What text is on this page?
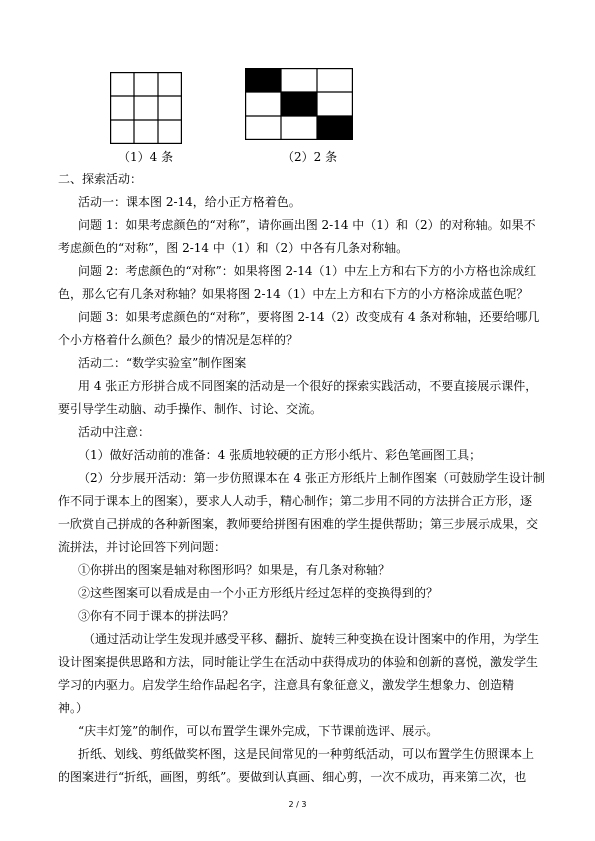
（1）4 条	（2）2 条
二、探索活动：
活动一：课本图 2-14，给小正方格着色。
问题 1：如果考虑颜色的“对称”，请你画出图 2-14 中（1）和（2）的对称轴。如果不
考虑颜色的“对称”，图 2-14 中（1）和（2）中各有几条对称轴。
问题 2：考虑颜色的“对称”：如果将图 2-14（1）中左上方和右下方的小方格也涂成红
色，那么它有几条对称轴？如果将图 2-14（1）中左上方和右下方的小方格涂成蓝色呢？
问题 3：如果考虑颜色的“对称”，要将图 2-14（2）改变成有 4 条对称轴，还要给哪几
个小方格着什么颜色？最少的情况是怎样的？
活动二：“数学实验室”制作图案
用 4 张正方形拼合成不同图案的活动是一个很好的探索实践活动，不要直接展示课件，
要引导学生动脑、动手操作、制作、讨论、交流。
活动中注意：
（1）做好活动前的准备：4 张质地较硬的正方形小纸片、彩色笔画图工具；
（2）分步展开活动：第一步仿照课本在 4 张正方形纸片上制作图案（可鼓励学生设计制
作不同于课本上的图案），要求人人动手，精心制作；第二步用不同的方法拼合正方形，逐
一欣赏自己拼成的各种新图案，教师要给拼图有困难的学生提供帮助；第三步展示成果，交
流拼法，并讨论回答下列问题：
①你拼出的图案是轴对称图形吗？如果是，有几条对称轴？
②这些图案可以看成是由一个小正方形纸片经过怎样的变换得到的？
③你有不同于课本的拼法吗？
（通过活动让学生发现并感受平移、翻折、旋转三种变换在设计图案中的作用，为学生
设计图案提供思路和方法，同时能让学生在活动中获得成功的体验和创新的喜悦，激发学生
学习的内驱力。启发学生给作品起名字，注意具有象征意义，激发学生想象力、创造精
神。）
“庆丰灯笼”的制作，可以布置学生课外完成，下节课前选评、展示。
折纸、划线、剪纸做奖杯图，这是民间常见的一种剪纸活动，可以布置学生仿照课本上
的图案进行“折纸，画图，剪纸”。要做到认真画、细心剪，一次不成功，再来第二次，也
2 / 3
